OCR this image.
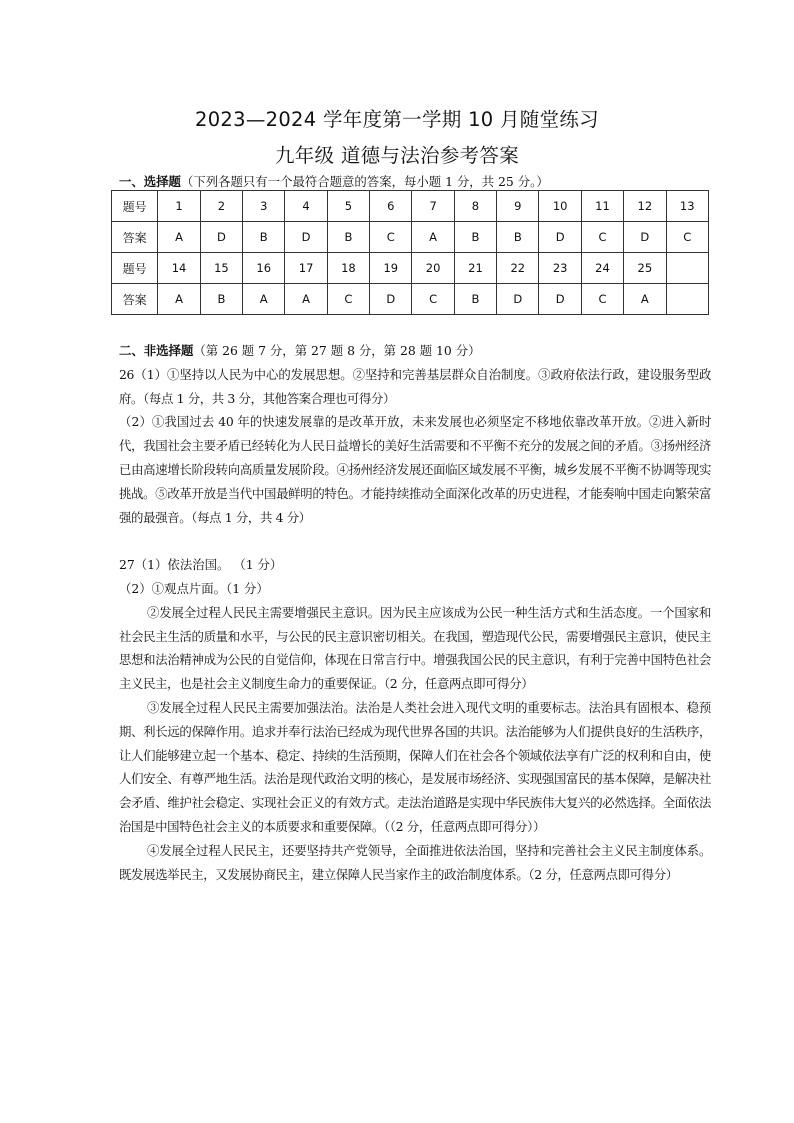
2023—2024 学年度第一学期 10 月随堂练习
九年级 道德与法治参考答案
一、选择题（下列各题只有一个最符合题意的答案，每小题 1 分，共 25 分。）
题号	1	2	3	4	5	6	7	8	9	10	11	12	13
答案	A	D	B	D	B	C	A	B	B	D	C	D	C
题号	14	15	16	17	18	19	20	21	22	23	24	25	
答案	A	B	A	A	C	D	C	B	D	D	C	A	

二、非选择题（第 26 题 7 分，第 27 题 8 分，第 28 题 10 分）

26（1）①坚持以人民为中心的发展思想。②坚持和完善基层群众自治制度。③政府依法行政，建设服务型政府。（每点 1 分，共 3 分，其他答案合理也可得分）

（2）①我国过去 40 年的快速发展靠的是改革开放，未来发展也必须坚定不移地依靠改革开放。②进入新时代，我国社会主要矛盾已经转化为人民日益增长的美好生活需要和不平衡不充分的发展之间的矛盾。③扬州经济已由高速增长阶段转向高质量发展阶段。④扬州经济发展还面临区域发展不平衡，城乡发展不平衡不协调等现实挑战。⑤改革开放是当代中国最鲜明的特色。才能持续推动全面深化改革的历史进程，才能奏响中国走向繁荣富强的最强音。（每点 1 分，共 4 分）

27（1）依法治国。 （1 分）

（2）①观点片面。（1 分）

②发展全过程人民民主需要增强民主意识。因为民主应该成为公民一种生活方式和生活态度。一个国家和社会民主生活的质量和水平，与公民的民主意识密切相关。在我国，塑造现代公民，需要增强民主意识，使民主思想和法治精神成为公民的自觉信仰，体现在日常言行中。增强我国公民的民主意识，有利于完善中国特色社会主义民主，也是社会主义制度生命力的重要保证。（2 分，任意两点即可得分）

③发展全过程人民民主需要加强法治。法治是人类社会进入现代文明的重要标志。法治具有固根本、稳预期、利长远的保障作用。追求并奉行法治已经成为现代世界各国的共识。法治能够为人们提供良好的生活秩序，让人们能够建立起一个基本、稳定、持续的生活预期，保障人们在社会各个领域依法享有广泛的权利和自由，使人们安全、有尊严地生活。法治是现代政治文明的核心，是发展市场经济、实现强国富民的基本保障，是解决社会矛盾、维护社会稳定、实现社会正义的有效方式。走法治道路是实现中华民族伟大复兴的必然选择。全面依法治国是中国特色社会主义的本质要求和重要保障。（（2 分，任意两点即可得分））

④发展全过程人民民主，还要坚持共产党领导，全面推进依法治国，坚持和完善社会主义民主制度体系。既发展选举民主，又发展协商民主，建立保障人民当家作主的政治制度体系。（2 分，任意两点即可得分）
